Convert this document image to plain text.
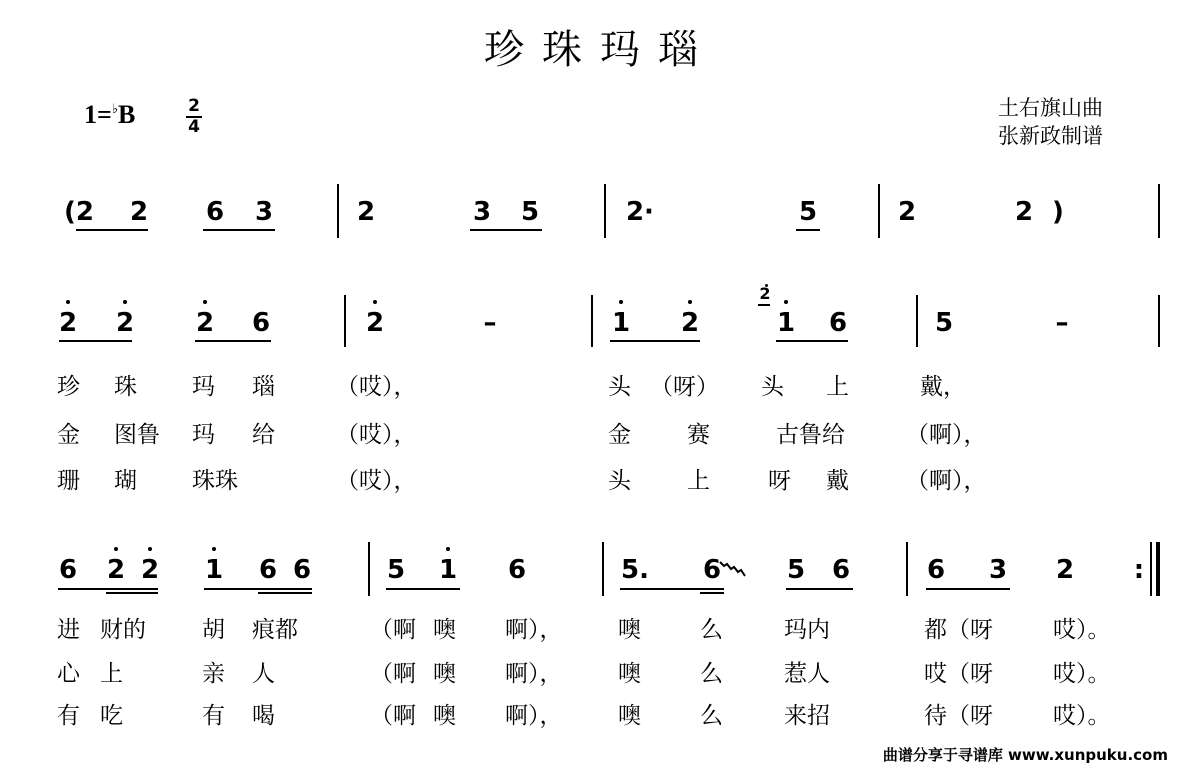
珍珠玛瑙
1=♭B	2
4
土右旗山曲
张新政制谱
(2 2 6 3	2	3 5	2 ·	5	2	2 )
2 2 2 6	2	–	1 2
2
1 6	5	–
珍 珠 玛 瑙	（哎），	头 （呀） 头 上	戴，
金 图鲁 玛 给	（哎），	金 赛	古鲁给	（啊），
珊 瑚 珠珠	（哎），	头 上	呀 戴 （啊），
6 2 2 1 6 6	5 1 6	5. 6	5 6	6 3 2 :
进 财的 胡 痕都	（啊 噢 啊）， 噢	么	玛内	都（呀	哎）。
心 上	亲 人	（啊 噢 啊）， 噢	么	惹人	哎（呀	哎）。
有 吃	有 喝	（啊 噢 啊）， 噢	么	来招	待（呀	哎）。
曲谱分享于寻谱库 www.xunpuku.com
